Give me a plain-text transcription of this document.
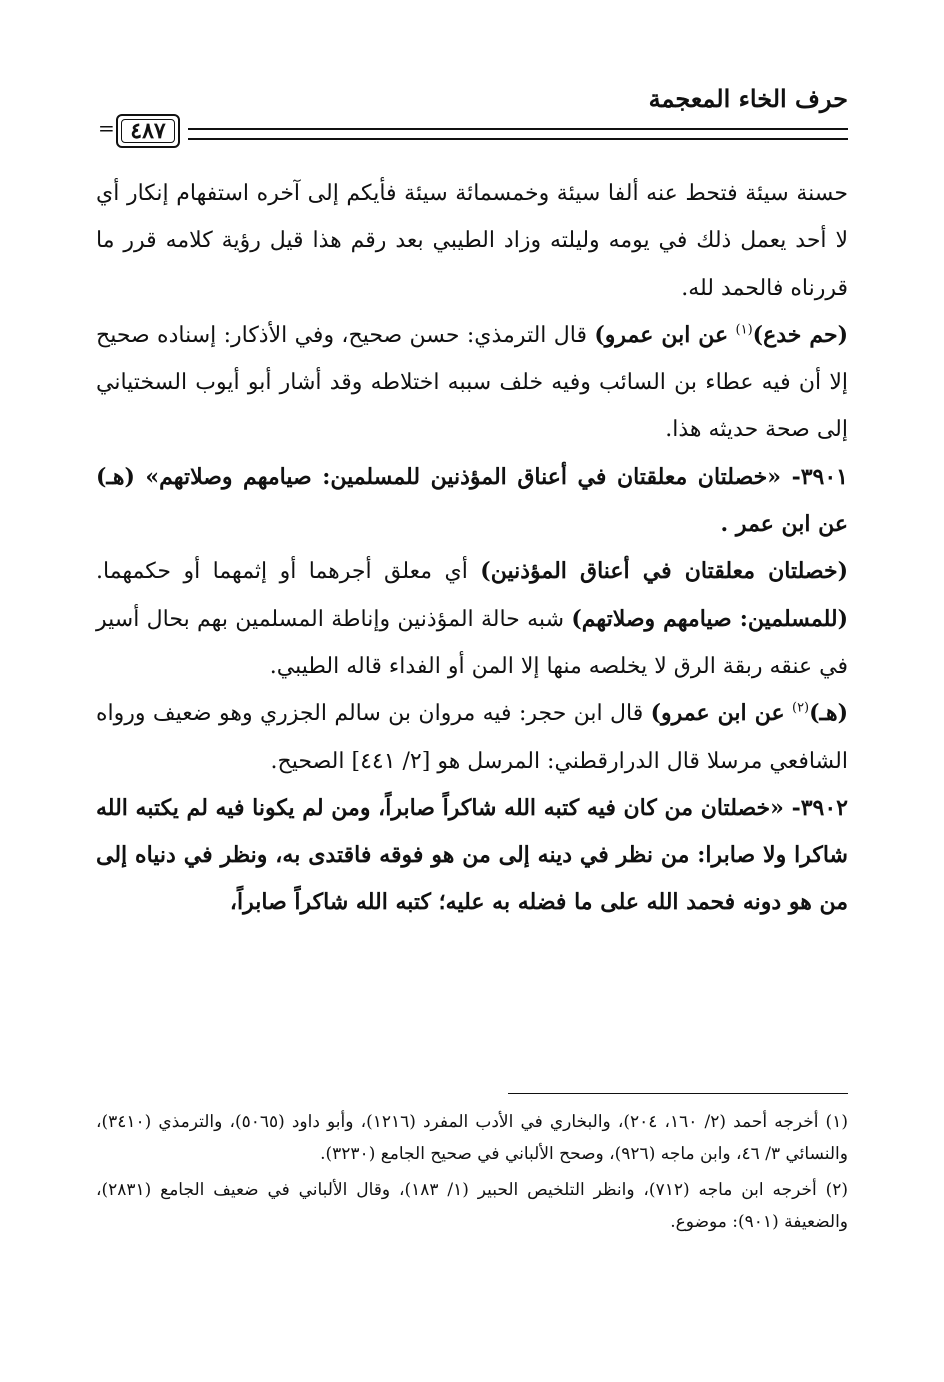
حرف الخاء المعجمة
٤٨٧
=

حسنة سيئة فتحط عنه ألفا سيئة وخمسمائة سيئة فأيكم إلى آخره استفهام إنكار أي لا أحد يعمل ذلك في يومه وليلته وزاد الطيبي بعد رقم هذا قيل رؤية كلامه قرر ما قررناه فالحمد لله.

(حم خدع)$^{(١)}$ عن ابن عمرو) قال الترمذي: حسن صحيح، وفي الأذكار: إسناده صحيح إلا أن فيه عطاء بن السائب وفيه خلف سببه اختلاطه وقد أشار أبو أيوب السختياني إلى صحة حديثه هذا.

٣٩٠١- «خصلتان معلقتان في أعناق المؤذنين للمسلمين: صيامهم وصلاتهم» (هـ) عن ابن عمر .

(خصلتان معلقتان في أعناق المؤذنين) أي معلق أجرهما أو إثمهما أو حكمهما. (للمسلمين: صيامهم وصلاتهم) شبه حالة المؤذنين وإناطة المسلمين بهم بحال أسير في عنقه ربقة الرق لا يخلصه منها إلا المن أو الفداء قاله الطيبي.

(هـ)$^{(٢)}$ عن ابن عمرو) قال ابن حجر: فيه مروان بن سالم الجزري وهو ضعيف ورواه الشافعي مرسلا قال الدرارقطني: المرسل هو [٢/ ٤٤١] الصحيح.

٣٩٠٢- «خصلتان من كان فيه كتبه الله شاكراً صابراً، ومن لم يكونا فيه لم يكتبه الله شاكرا ولا صابرا: من نظر في دينه إلى من هو فوقه فاقتدى به، ونظر في دنياه إلى من هو دونه فحمد الله على ما فضله به عليه؛ كتبه الله شاكراً صابراً،

(١) أخرجه أحمد (٢/ ١٦٠، ٢٠٤)، والبخاري في الأدب المفرد (١٢١٦)، وأبو داود (٥٠٦٥)، والترمذي (٣٤١٠)، والنسائي ٣/ ٤٦، وابن ماجه (٩٢٦)، وصحح الألباني في صحيح الجامع (٣٢٣٠).

(٢) أخرجه ابن ماجه (٧١٢)، وانظر التلخيص الحبير (١/ ١٨٣)، وقال الألباني في ضعيف الجامع (٢٨٣١)، والضعيفة (٩٠١): موضوع.
